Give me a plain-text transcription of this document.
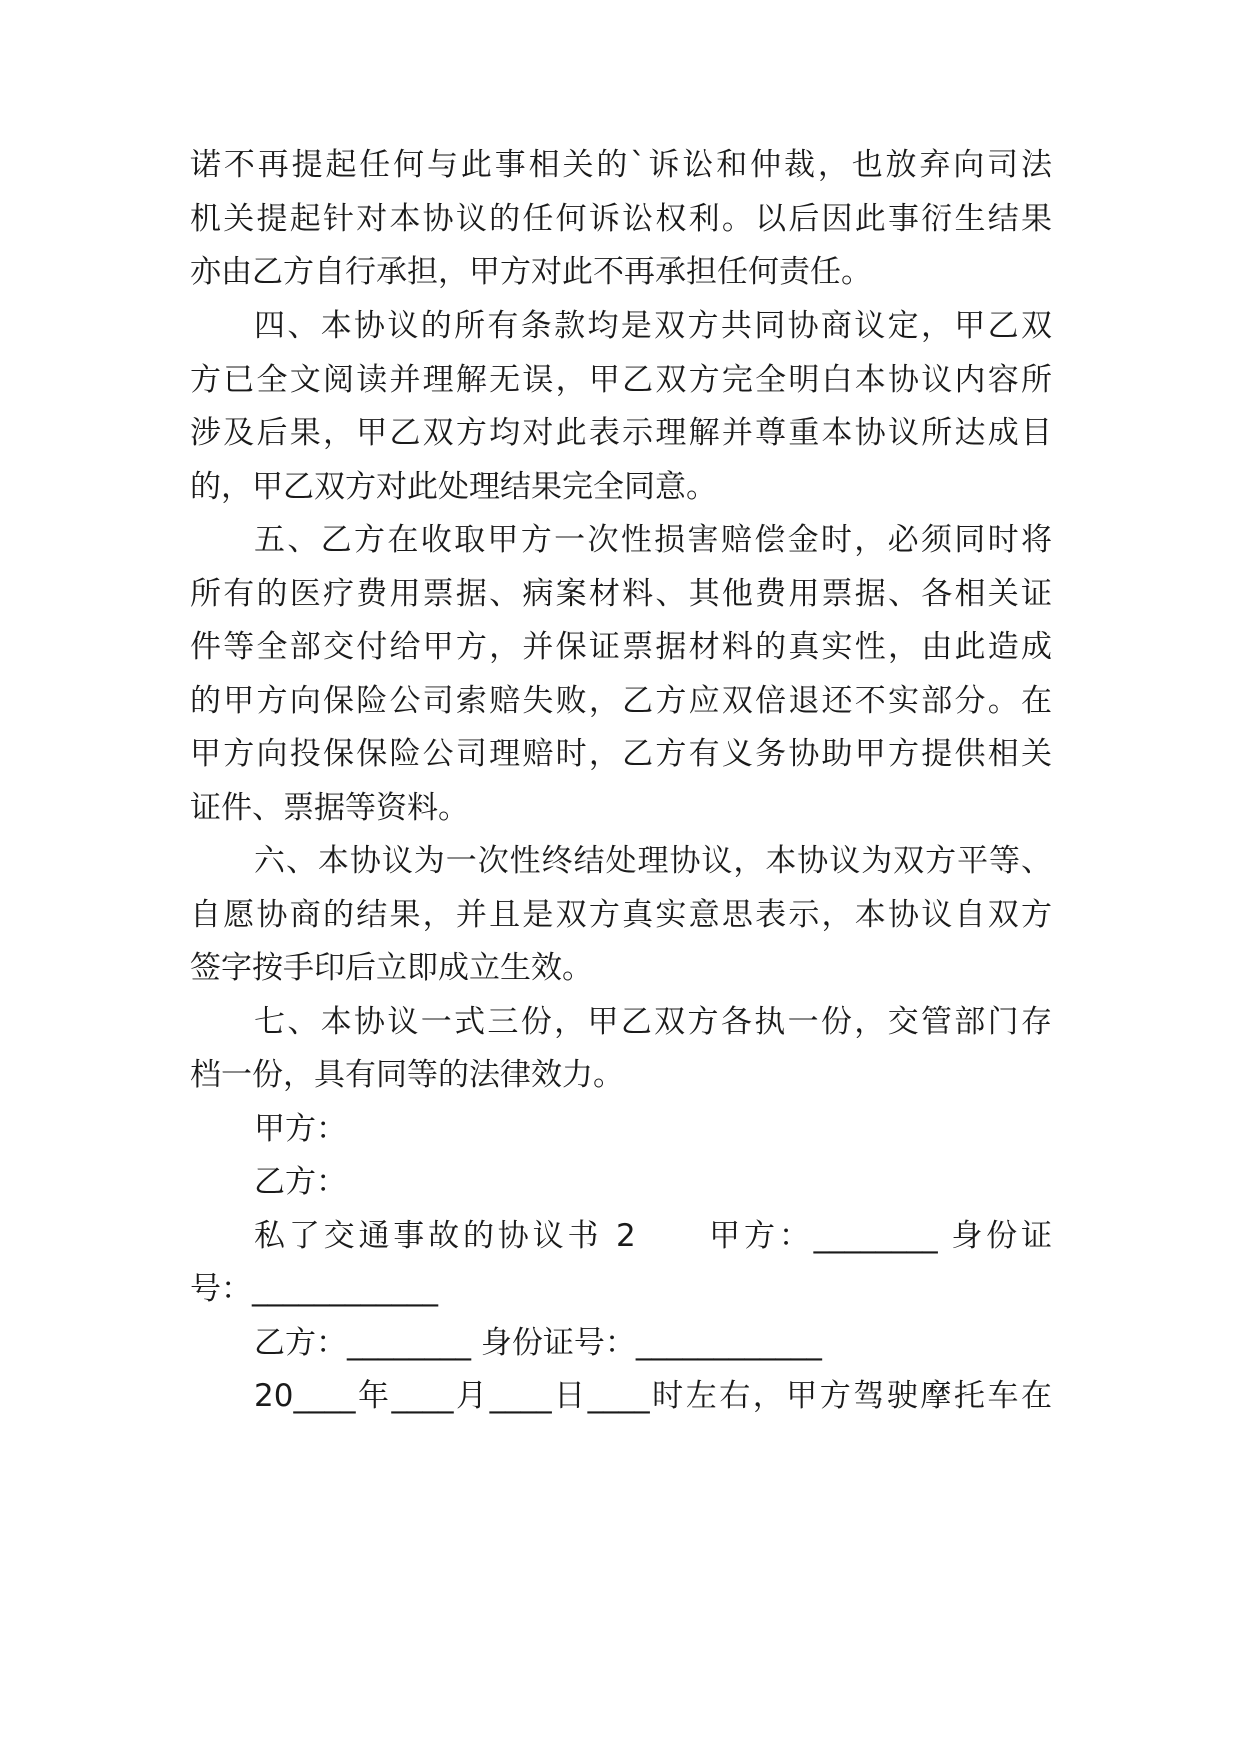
诺不再提起任何与此事相关的`诉讼和仲裁，也放弃向司法
机关提起针对本协议的任何诉讼权利。以后因此事衍生结果
亦由乙方自行承担，甲方对此不再承担任何责任。
四、本协议的所有条款均是双方共同协商议定，甲乙双
方已全文阅读并理解无误，甲乙双方完全明白本协议内容所
涉及后果，甲乙双方均对此表示理解并尊重本协议所达成目
的，甲乙双方对此处理结果完全同意。
五、乙方在收取甲方一次性损害赔偿金时，必须同时将
所有的医疗费用票据、病案材料、其他费用票据、各相关证
件等全部交付给甲方，并保证票据材料的真实性，由此造成
的甲方向保险公司索赔失败，乙方应双倍退还不实部分。在
甲方向投保保险公司理赔时，乙方有义务协助甲方提供相关
证件、票据等资料。
六、本协议为一次性终结处理协议，本协议为双方平等、
自愿协商的结果，并且是双方真实意思表示，本协议自双方
签字按手印后立即成立生效。
七、本协议一式三份，甲乙双方各执一份，交管部门存
档一份，具有同等的法律效力。
甲方：
乙方：
私了交通事故的协议书 2　　甲方：________ 身份证
号：____________
乙方：________ 身份证号：____________
20____年____月____日____时左右，甲方驾驶摩托车在
